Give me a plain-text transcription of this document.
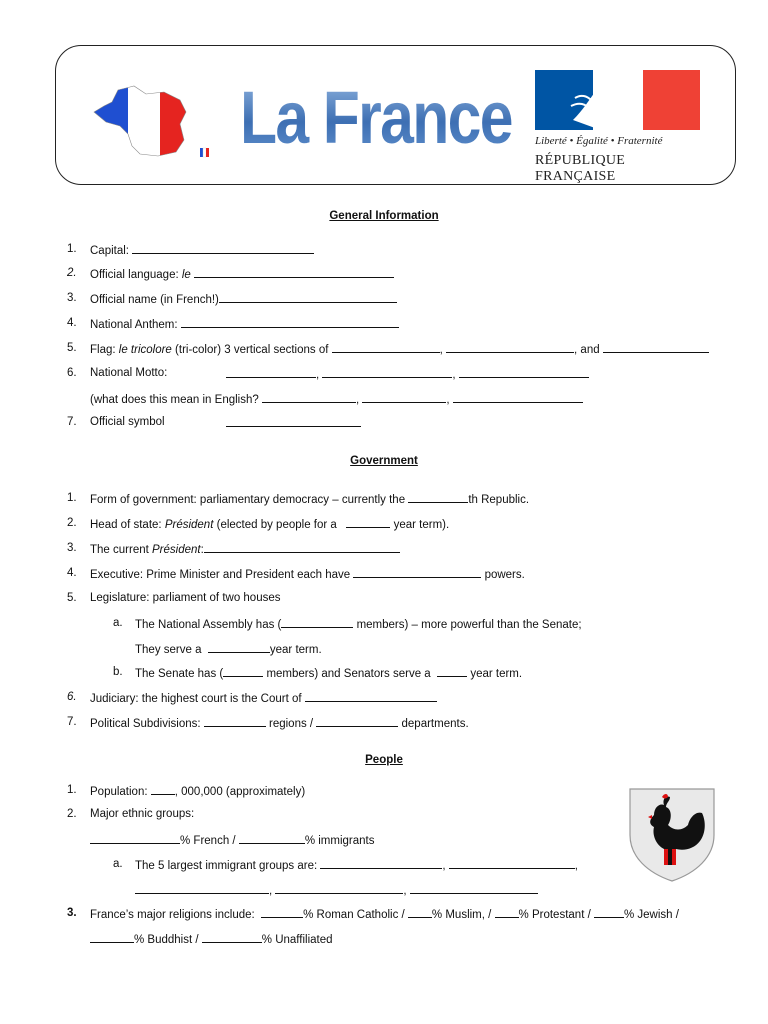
La France Liberté • Égalité • Fraternité
RÉPUBLIQUE FRANÇAISE
General Information
1. Capital:
2. Official language: le
3. Official name (in French!)
4. National Anthem:
5. Flag: le tricolore (tri-color) 3 vertical sections of	,	, and
6. National Motto:	,	,
(what does this mean in English?	,	,
7. Official symbol
Government
1. Form of government: parliamentary democracy – currently the	th Republic.
2. Head of state: Président (elected by people for a	year term).
3. The current Président:
4. Executive: Prime Minister and President each have	powers.
5. Legislature: parliament of two houses
a. The National Assembly has (	members) – more powerful than the Senate;
They serve a	year term.
b. The Senate has (	members) and Senators serve a	year term.
6. Judiciary: the highest court is the Court of
7. Political Subdivisions:	regions /	departments.
People
1. Population: , 000,000 (approximately)
2. Major ethnic groups:
% French /	% immigrants
a. The 5 largest immigrant groups are:	,	,
,	,
3. France’s major religions include:	% Roman Catholic / % Muslim, / % Protestant /	% Jewish /
% Buddhist /	% Unaffiliated
